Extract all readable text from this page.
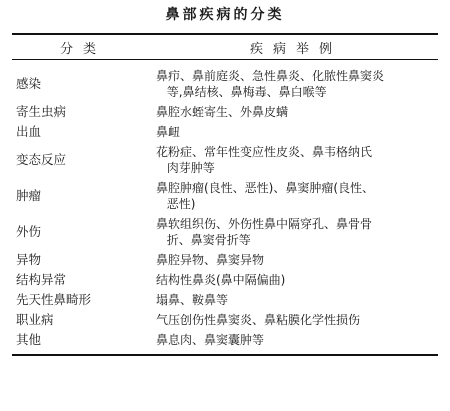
鼻部疾病的分类
分类	疾病举例
感染	鼻疖、鼻前庭炎、急性鼻炎、化脓性鼻窦炎
等,鼻结核、鼻梅毒、鼻白喉等

寄生虫病	鼻腔水蛭寄生、外鼻皮螨
出血	鼻衄
变态反应	花粉症、常年性变应性皮炎、鼻韦格纳氏
肉芽肿等

肿瘤	鼻腔肿瘤(良性、恶性)、鼻窦肿瘤(良性、
恶性)

外伤	鼻软组织伤、外伤性鼻中隔穿孔、鼻骨骨
折、鼻窦骨折等

异物	鼻腔异物、鼻窦异物
结构异常	结构性鼻炎(鼻中隔偏曲)
先天性鼻畸形	塌鼻、鞍鼻等
职业病	气压创伤性鼻窦炎、鼻粘膜化学性损伤
其他	鼻息肉、鼻窦囊肿等
